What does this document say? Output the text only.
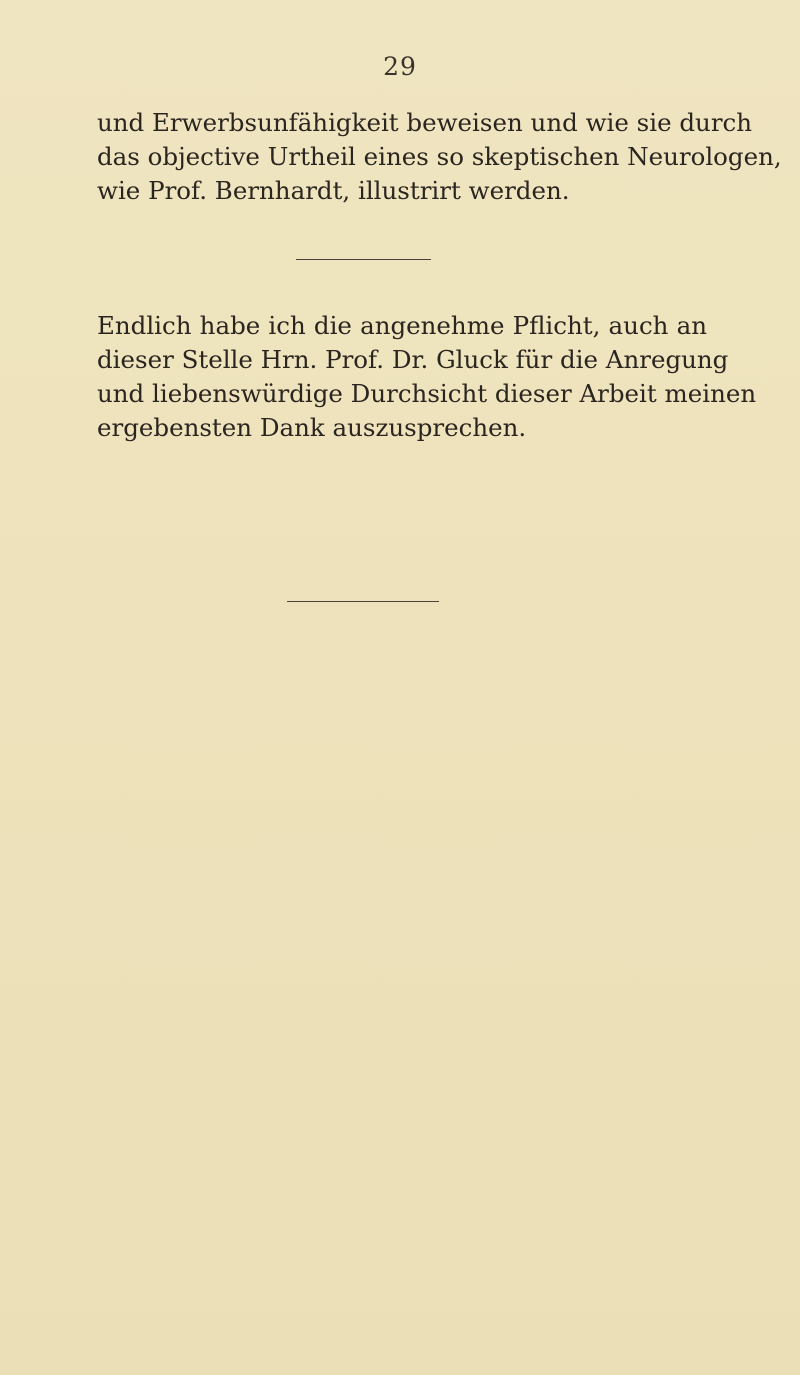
29
und Erwerbsunfähigkeit beweisen und wie sie durch
das objective Urtheil eines so skeptischen Neurologen,
wie Prof. Bernhardt, illustrirt werden.
Endlich habe ich die angenehme Pflicht, auch an
dieser Stelle Hrn. Prof. Dr. Gluck für die Anregung
und liebenswürdige Durchsicht dieser Arbeit meinen
ergebensten Dank auszusprechen.
